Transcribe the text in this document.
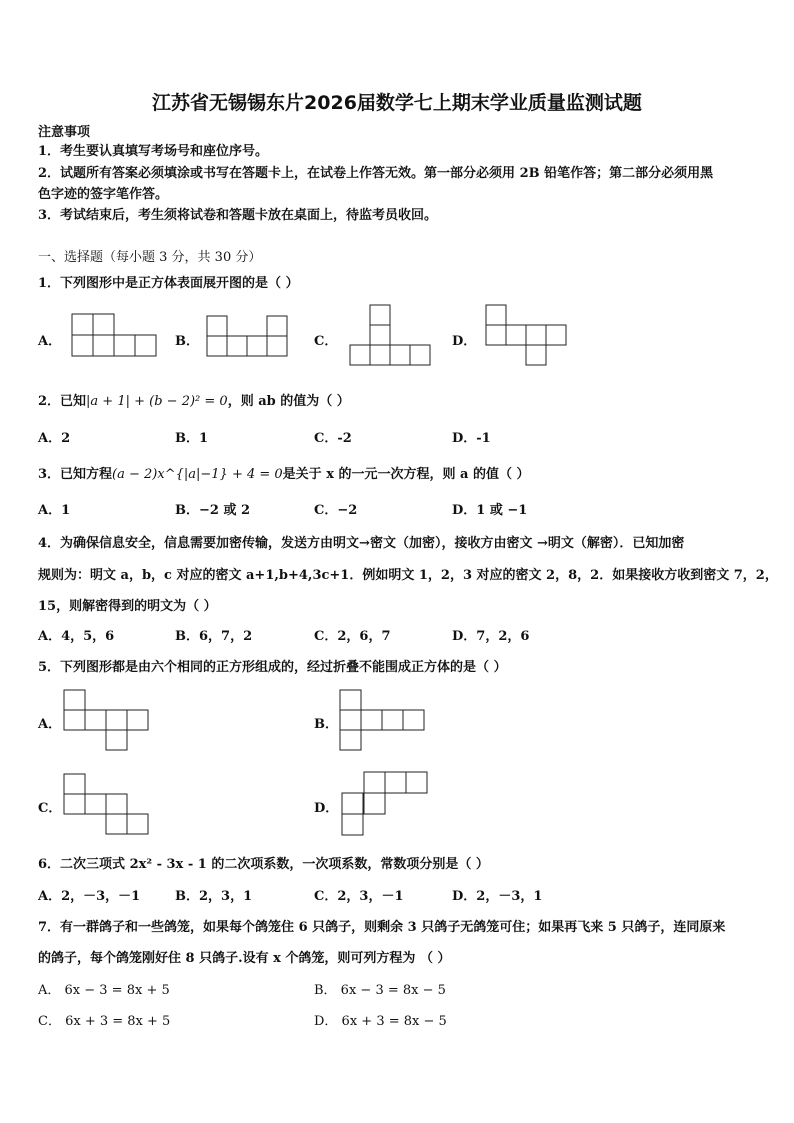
江苏省无锡锡东片2026届数学七上期末学业质量监测试题
注意事项
1．考生要认真填写考场号和座位序号。
2．试题所有答案必须填涂或书写在答题卡上，在试卷上作答无效。第一部分必须用 2B 铅笔作答；第二部分必须用黑
色字迹的签字笔作答。
3．考试结束后，考生须将试卷和答题卡放在桌面上，待监考员收回。
一、选择题（每小题 3 分，共 30 分）
1．下列图形中是正方体表面展开图的是（ ）
A．	B．	C．	D．
2．已知|a + 1| + (b − 2)² = 0，则 ab 的值为（ ）
A．2	B．1	C．-2	D．-1
3．已知方程(a − 2)x^{|a|−1} + 4 = 0是关于 x 的一元一次方程，则 a 的值（ ）
A．1	B．−2 或 2	C．−2	D．1 或 −1
4．为确保信息安全，信息需要加密传输，发送方由明文→密文（加密），接收方由密文 →明文（解密）．已知加密
规则为：明文 a，b，c 对应的密文 a+1,b+4,3c+1．例如明文 1，2，3 对应的密文 2，8，2．如果接收方收到密文 7，2，
15，则解密得到的明文为（ ）
A．4，5，6	B．6，7，2	C．2，6，7	D．7，2，6
5．下列图形都是由六个相同的正方形组成的，经过折叠不能围成正方体的是（ ）
A．	B．
C．	D．
6．二次三项式 2x² - 3x - 1 的二次项系数，一次项系数，常数项分别是（ ）
A．2，－3，－1	B．2，3，1	C．2，3，－1	D．2，－3，1
7．有一群鸽子和一些鸽笼，如果每个鸽笼住 6 只鸽子，则剩余 3 只鸽子无鸽笼可住；如果再飞来 5 只鸽子，连同原来
的鸽子，每个鸽笼刚好住 8 只鸽子.设有 x 个鸽笼，则可列方程为 （ ）
A． 6x − 3 = 8x + 5	B． 6x − 3 = 8x − 5
C． 6x + 3 = 8x + 5	D． 6x + 3 = 8x − 5
